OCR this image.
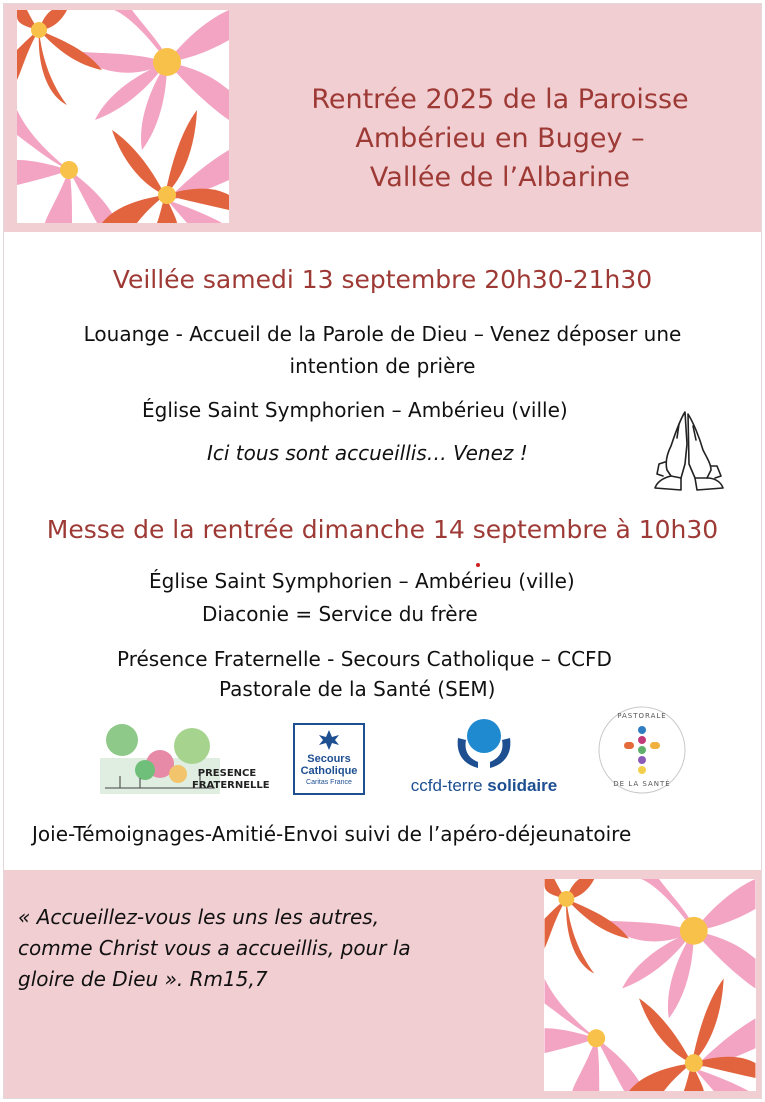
Rentrée 2025 de la Paroisse
Ambérieu en Bugey –
Vallée de l’Albarine
Veillée samedi 13 septembre 20h30-21h30
Louange - Accueil de la Parole de Dieu – Venez déposer une
intention de prière
Église Saint Symphorien – Ambérieu (ville)
Ici tous sont accueillis… Venez !
Messe de la rentrée dimanche 14 septembre à 10h30
Église Saint Symphorien – Ambérieu (ville)
Diaconie = Service du frère
Présence Fraternelle - Secours Catholique – CCFD
Pastorale de la Santé (SEM)
PRESENCE
FRATERNELLE
Secours
Catholique
Caritas France	ccfd-terre solidaire
PASTORALE
DE LA SANTÉ
Joie-Témoignages-Amitié-Envoi suivi de l’apéro-déjeunatoire
« Accueillez-vous les uns les autres,
comme Christ vous a accueillis, pour la
gloire de Dieu ». Rm15,7
